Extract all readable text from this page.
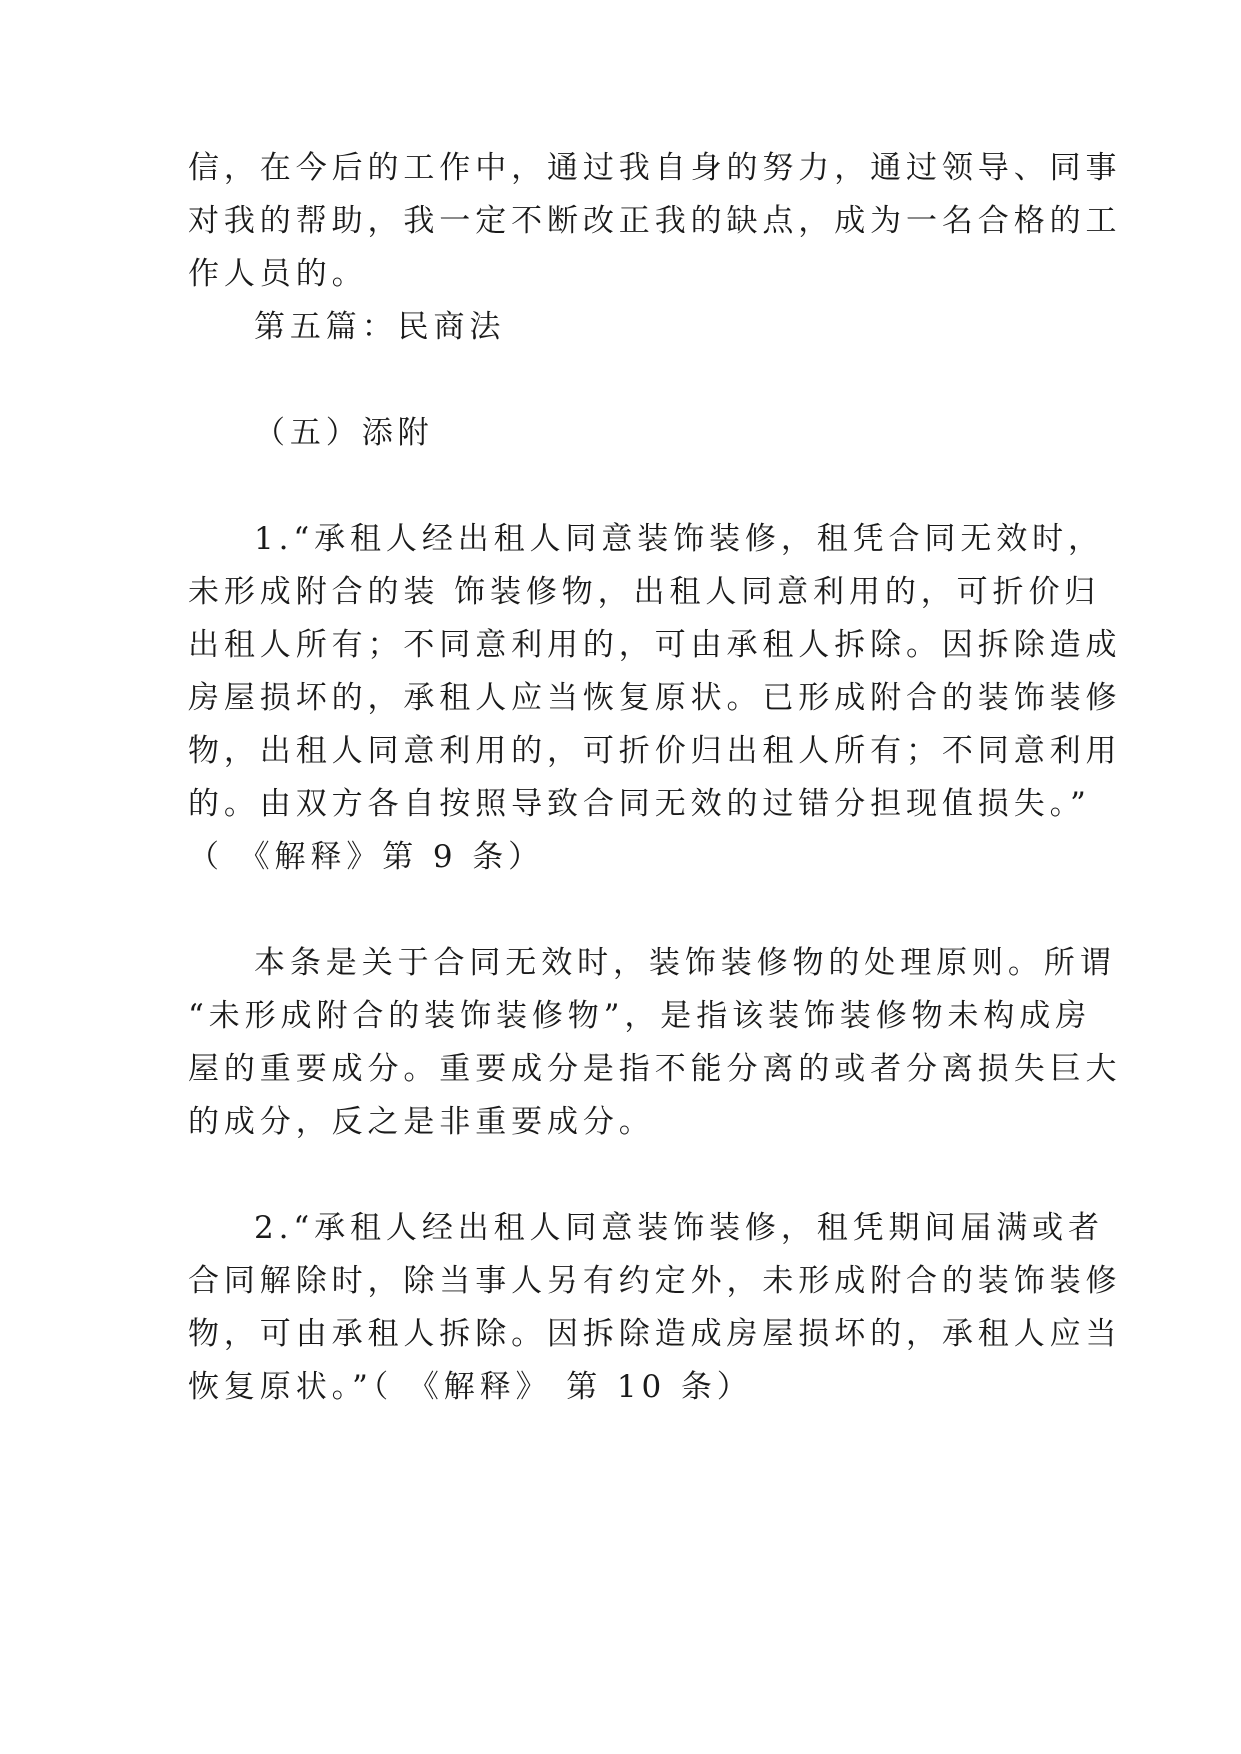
信，在今后的工作中，通过我自身的努力，通过领导、同事
对我的帮助，我一定不断改正我的缺点，成为一名合格的工
作人员的。
第五篇：民商法
（五）添附
1.“承租人经出租人同意装饰装修，租凭合同无效时，
未形成附合的装 饰装修物，出租人同意利用的，可折价归
出租人所有；不同意利用的，可由承租人拆除。因拆除造成
房屋损坏的，承租人应当恢复原状。已形成附合的装饰装修
物，出租人同意利用的，可折价归出租人所有；不同意利用
的。由双方各自按照导致合同无效的过错分担现值损失。”
（ 《解释》第 9 条）
本条是关于合同无效时，装饰装修物的处理原则。所谓
“未形成附合的装饰装修物”，是指该装饰装修物未构成房
屋的重要成分。重要成分是指不能分离的或者分离损失巨大
的成分，反之是非重要成分。
2.“承租人经出租人同意装饰装修，租凭期间届满或者
合同解除时，除当事人另有约定外，未形成附合的装饰装修
物，可由承租人拆除。因拆除造成房屋损坏的，承租人应当
恢复原状。”（ 《解释》 第 10 条）
